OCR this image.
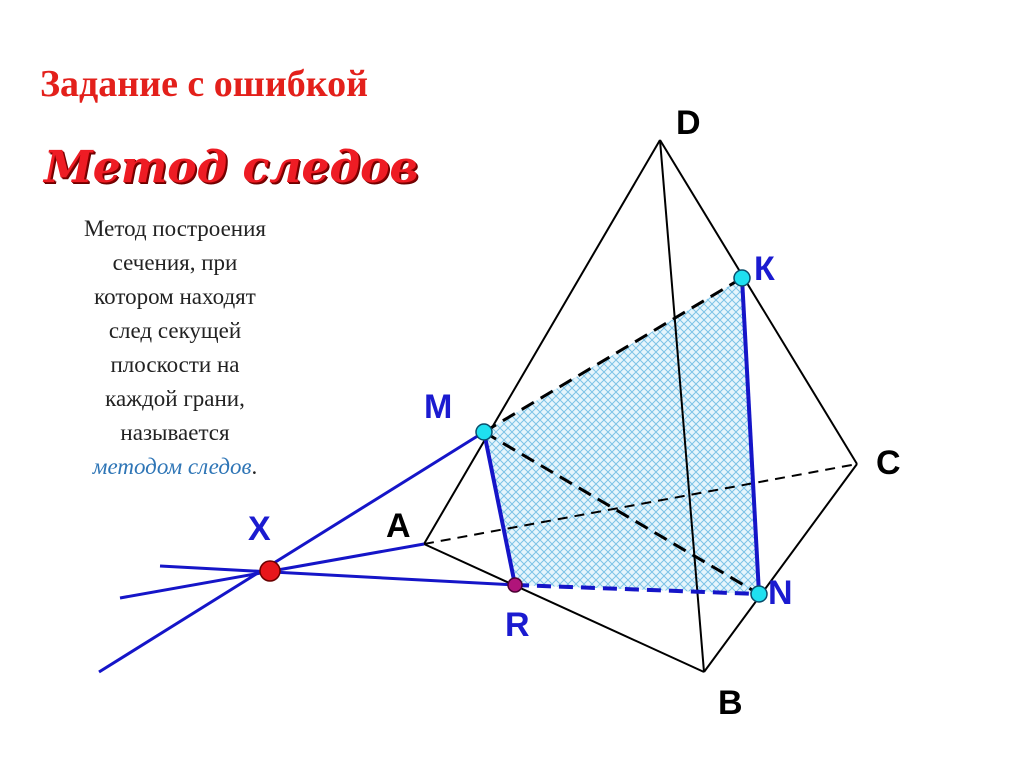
Задание с ошибкой
Метод следов
Метод построения
сечения, при
котором находят
след секущей
плоскости на
каждой грани,
называется
методом следов.
D
К
M
C
X	A
N
R
B
